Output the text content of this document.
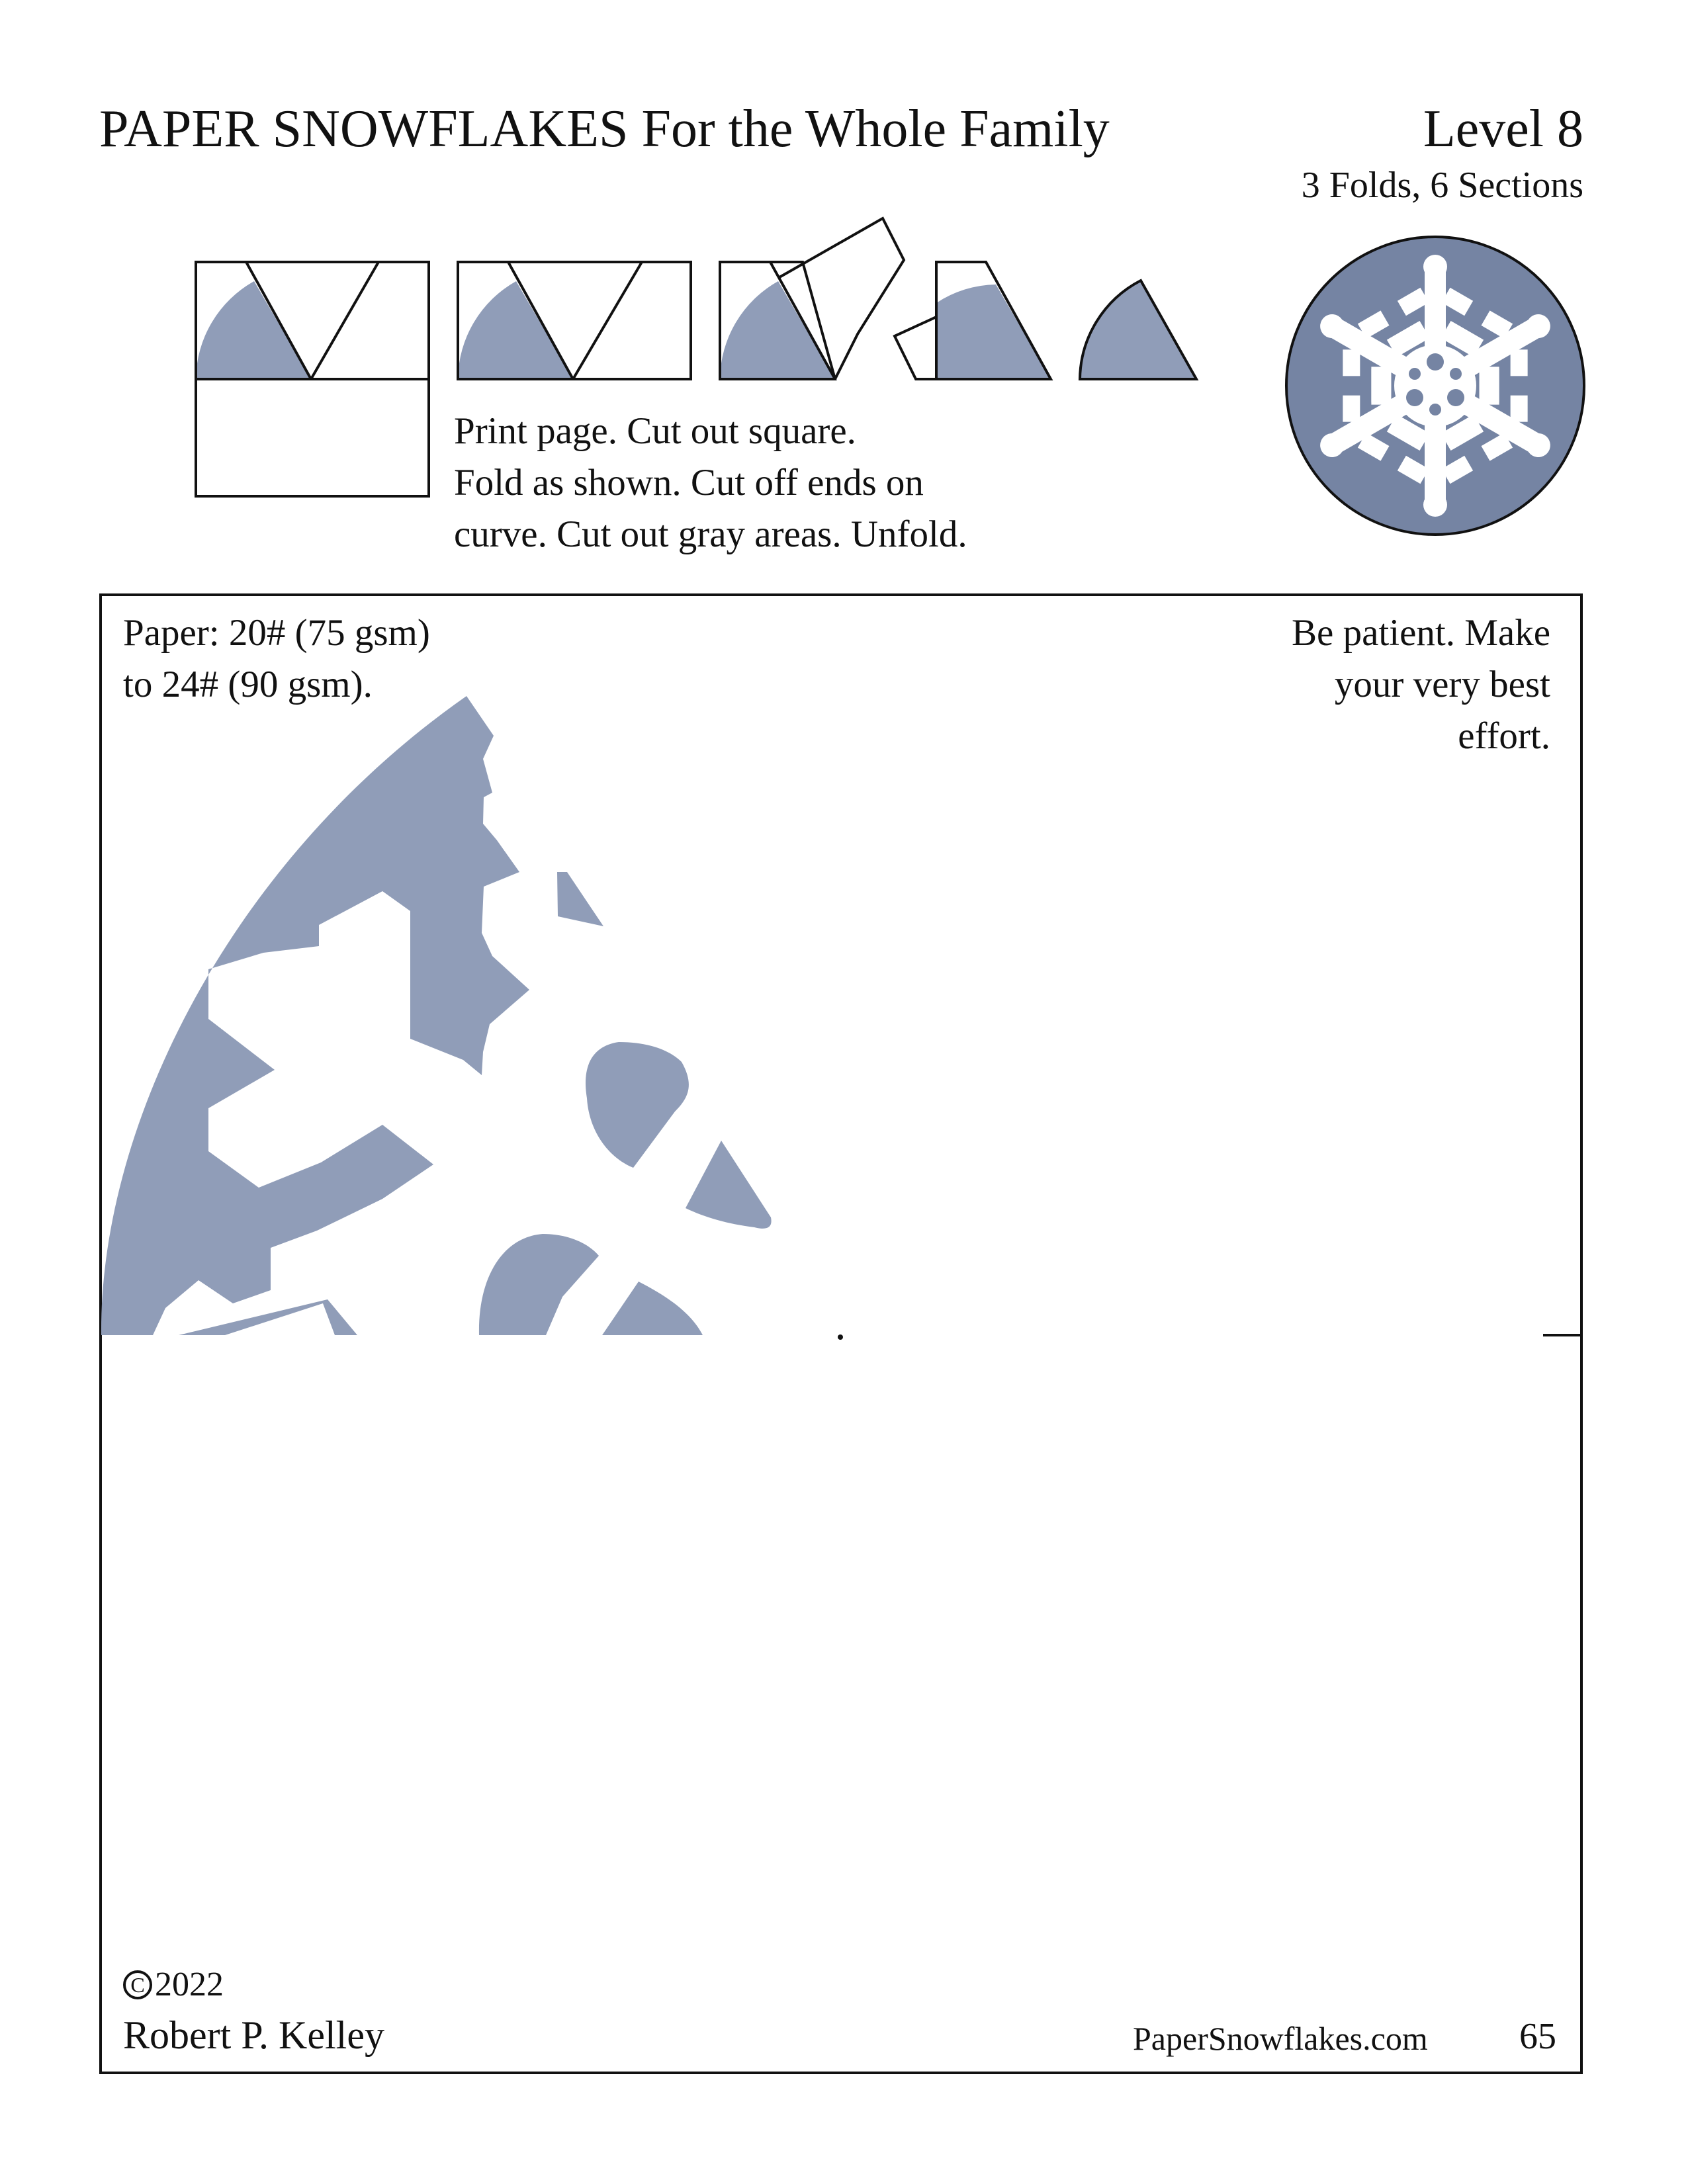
PAPER SNOWFLAKES For the Whole Family	Level 8
3 Folds, 6 Sections
Print page. Cut out square.
Fold as shown. Cut off ends on
curve. Cut out gray areas. Unfold.
Paper: 20# (75 gsm)
to 24# (90 gsm).
Be patient. Make
your very best
effort.
C 2022
Robert P. Kelley	PaperSnowflakes.com 65
